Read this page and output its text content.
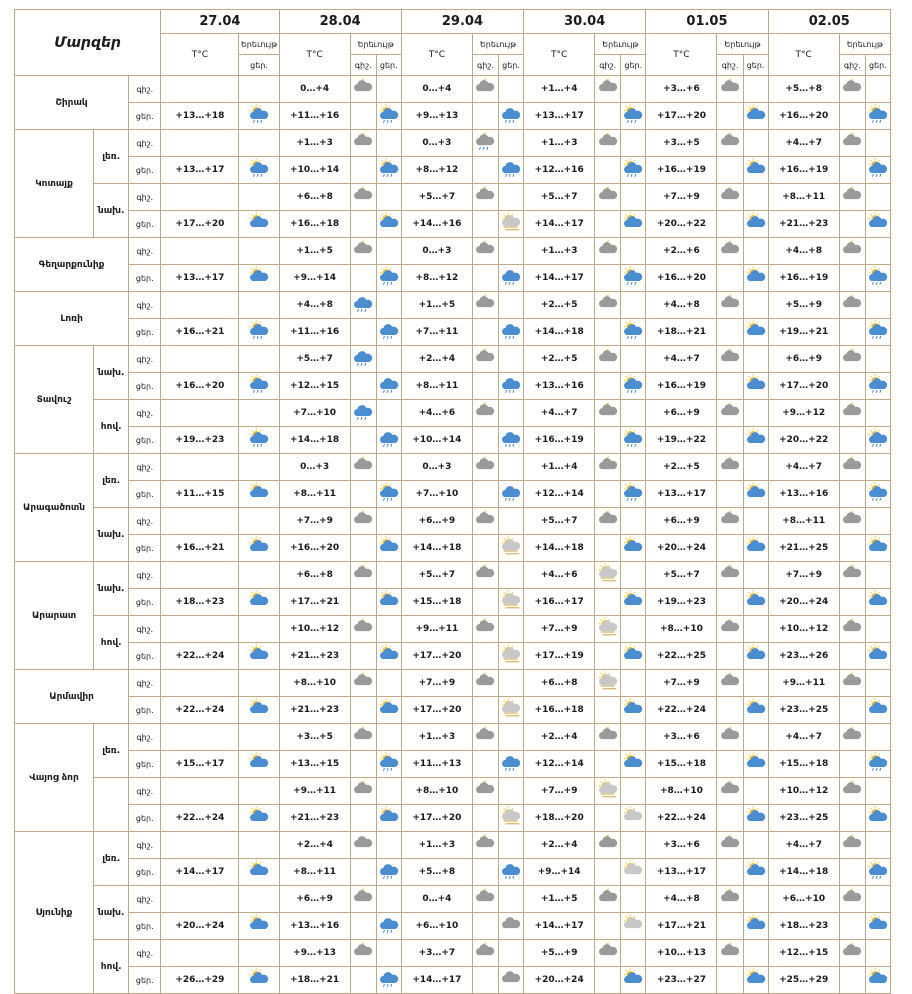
Մարզեր			27.04		28.04			29.04			30.04			01.05			02.05		
			T°C	Երեւույթ	T°C	Երեւույթ		T°C	Երեւույթ		T°C	Երեւույթ		T°C	Երեւույթ		T°C	Երեւույթ	
				ցեր.		գիշ.	ցեր.		գիշ.	ցեր.		գիշ.	ցեր.		գիշ.	ցեր.		գիշ.	ցեր.
Շիրակ		գիշ.			0…+4			0…+4			+1…+4			+3…+6			+5…+8		
		ցեր.	+13…+18		+11…+16			+9…+13			+13…+17			+17…+20			+16…+20		
Կոտայք	լեռ.	գիշ.			+1…+3			0…+3			+1…+3			+3…+5			+4…+7		
		ցեր.	+13…+17		+10…+14			+8…+12			+12…+16			+16…+19			+16…+19		
	նախ.	գիշ.			+6…+8			+5…+7			+5…+7			+7…+9			+8…+11		
		ցեր.	+17…+20		+16…+18			+14…+16			+14…+17			+20…+22			+21…+23		
Գեղարքունիք		գիշ.			+1…+5			0…+3			+1…+3			+2…+6			+4…+8		
		ցեր.	+13…+17		+9…+14			+8…+12			+14…+17			+16…+20			+16…+19		
Լոռի		գիշ.			+4…+8			+1…+5			+2…+5			+4…+8			+5…+9		
		ցեր.	+16…+21		+11…+16			+7…+11			+14…+18			+18…+21			+19…+21		
Տավուշ	նախ.	գիշ.			+5…+7			+2…+4			+2…+5			+4…+7			+6…+9		
		ցեր.	+16…+20		+12…+15			+8…+11			+13…+16			+16…+19			+17…+20		
	հով.	գիշ.			+7…+10			+4…+6			+4…+7			+6…+9			+9…+12		
		ցեր.	+19…+23		+14…+18			+10…+14			+16…+19			+19…+22			+20…+22		
Արագածոտն	լեռ.	գիշ.			0…+3			0…+3			+1…+4			+2…+5			+4…+7		
		ցեր.	+11…+15		+8…+11			+7…+10			+12…+14			+13…+17			+13…+16		
	նախ.	գիշ.			+7…+9			+6…+9			+5…+7			+6…+9			+8…+11		
		ցեր.	+16…+21		+16…+20			+14…+18			+14…+18			+20…+24			+21…+25		
Արարատ	նախ.	գիշ.			+6…+8			+5…+7			+4…+6			+5…+7			+7…+9		
		ցեր.	+18…+23		+17…+21			+15…+18			+16…+17			+19…+23			+20…+24		
	հով.	գիշ.			+10…+12			+9…+11			+7…+9			+8…+10			+10…+12		
		ցեր.	+22…+24		+21…+23			+17…+20			+17…+19			+22…+25			+23…+26		
Արմավիր		գիշ.			+8…+10			+7…+9			+6…+8			+7…+9			+9…+11		
		ցեր.	+22…+24		+21…+23			+17…+20			+16…+18			+22…+24			+23…+25		
Վայոց ձոր	լեռ.	գիշ.			+3…+5			+1…+3			+2…+4			+3…+6			+4…+7		
		ցեր.	+15…+17		+13…+15			+11…+13			+12…+14			+15…+18			+15…+18		
		գիշ.			+9…+11			+8…+10			+7…+9			+8…+10			+10…+12		
		ցեր.	+22…+24		+21…+23			+17…+20			+18…+20			+22…+24			+23…+25		
Սյունիք	լեռ.	գիշ.			+2…+4			+1…+3			+2…+4			+3…+6			+4…+7		
		ցեր.	+14…+17		+8…+11			+5…+8			+9…+14			+13…+17			+14…+18		
	նախ.	գիշ.			+6…+9			0…+4			+1…+5			+4…+8			+6…+10		
		ցեր.	+20…+24		+13…+16			+6…+10			+14…+17			+17…+21			+18…+23		
	հով.	գիշ.			+9…+13			+3…+7			+5…+9			+10…+13			+12…+15		
		ցեր.	+26…+29		+18…+21			+14…+17			+20…+24			+23…+27			+25…+29		
